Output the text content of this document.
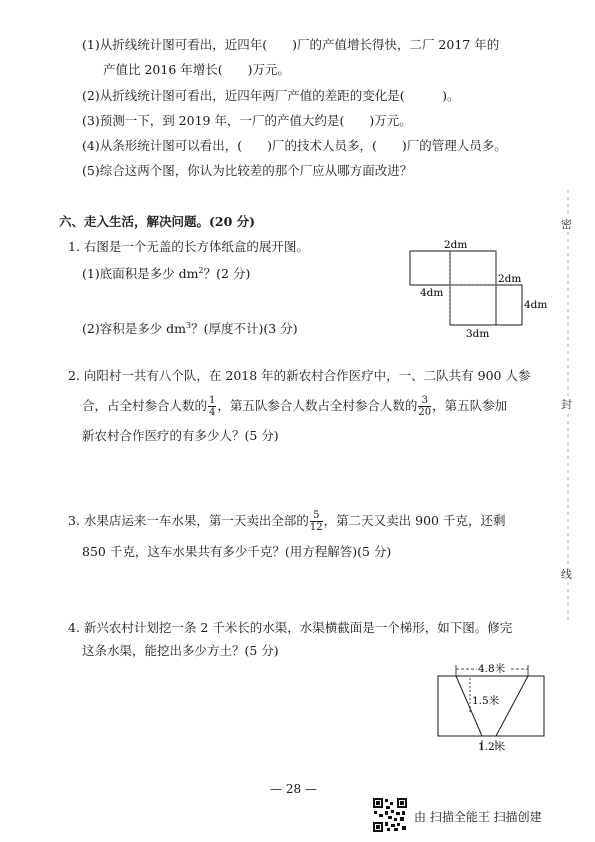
(1)从折线统计图可看出，近四年(　　)厂的产值增长得快，二厂 2017 年的
产值比 2016 年增长(　　)万元。
(2)从折线统计图可看出，近四年两厂产值的差距的变化是(　　　)。
(3)预测一下，到 2019 年，一厂的产值大约是(　　)万元。
(4)从条形统计图可以看出，(　　)厂的技术人员多，(　　)厂的管理人员多。
(5)综合这两个图，你认为比较差的那个厂应从哪方面改进？
六、走入生活，解决问题。(20 分)
1. 右图是一个无盖的长方体纸盒的展开图。
(1)底面积是多少 $dm^2$？(2 分)
(2)容积是多少 $dm^3$？(厚度不计)(3 分)
2dm
2dm
4dm
4dm
3dm
2. 向阳村一共有八个队，在 2018 年的新农村合作医疗中，一、二队共有 900 人参
合，占全村参合人数的 $\frac{1}{4}$ ，第五队参合人数占全村参合人数的 $\frac{3}{20}$ ，第五队参加
新农村合作医疗的有多少人？(5 分)
3. 水果店运来一车水果，第一天卖出全部的 $\frac{5}{12}$ ，第二天又卖出 900 千克，还剩
850 千克，这车水果共有多少千克？(用方程解答)(5 分)
4. 新兴农村计划挖一条 2 千米长的水渠，水渠横截面是一个梯形，如下图。修完
这条水渠，能挖出多少方土？(5 分)
4.8米
1.5米
1.2米
密
封
线
— 28 —
由 扫描全能王 扫描创建
